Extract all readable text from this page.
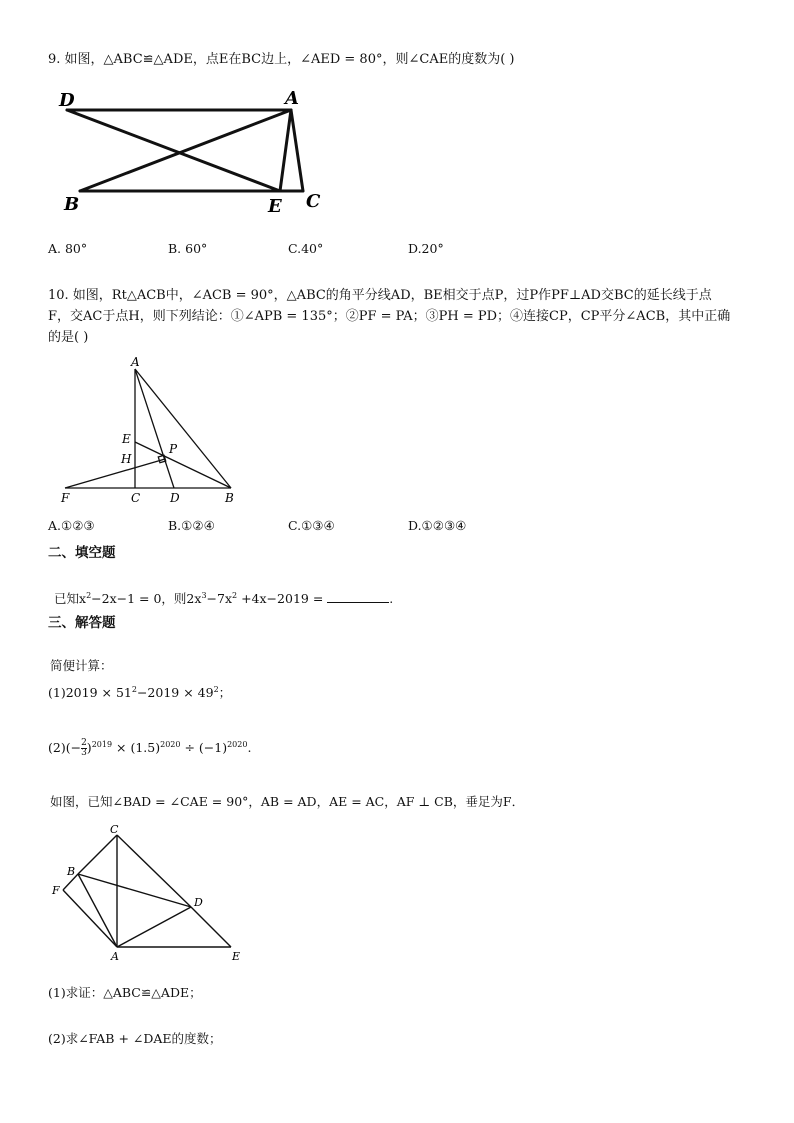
9. 如图，△ABC≌△ADE，点E在BC边上，∠AED = 80°，则∠CAE的度数为( )
D	A
B	E C
A. 80°	B. 60°	C.40°	D.20°
10. 如图，Rt△ACB中，∠ACB = 90°，△ABC的角平分线AD，BE相交于点P，过P作PF⊥AD交BC的延长线于点
F，交AC于点H，则下列结论：①∠APB = 135°；②PF = PA；③PH = PD；④连接CP，CP平分∠ACB，其中正确
的是( )
A
E
H
P
F	C D	B
A.①②③	B.①②④	C.①③④	D.①②③④
二、填空题
已知$x^2-2x-1 = 0$，则$2x^3-7x^2 +4x-2019$ =	.
三、解答题
简便计算：
$(1)2019 \times 51^2-2019 \times 49^2$；
$(2)(- \frac{2}{3} )^{2019} \times (1.5)^{2020} \div (-1)^{2020}$.
如图，已知∠BAD = ∠CAE = 90°，AB = AD，AE = AC，AF ⊥ CB，垂足为F．
C
B
F
D
A	E
(1)求证：△ABC≌△ADE；
(2)求∠FAB + ∠DAE的度数；
